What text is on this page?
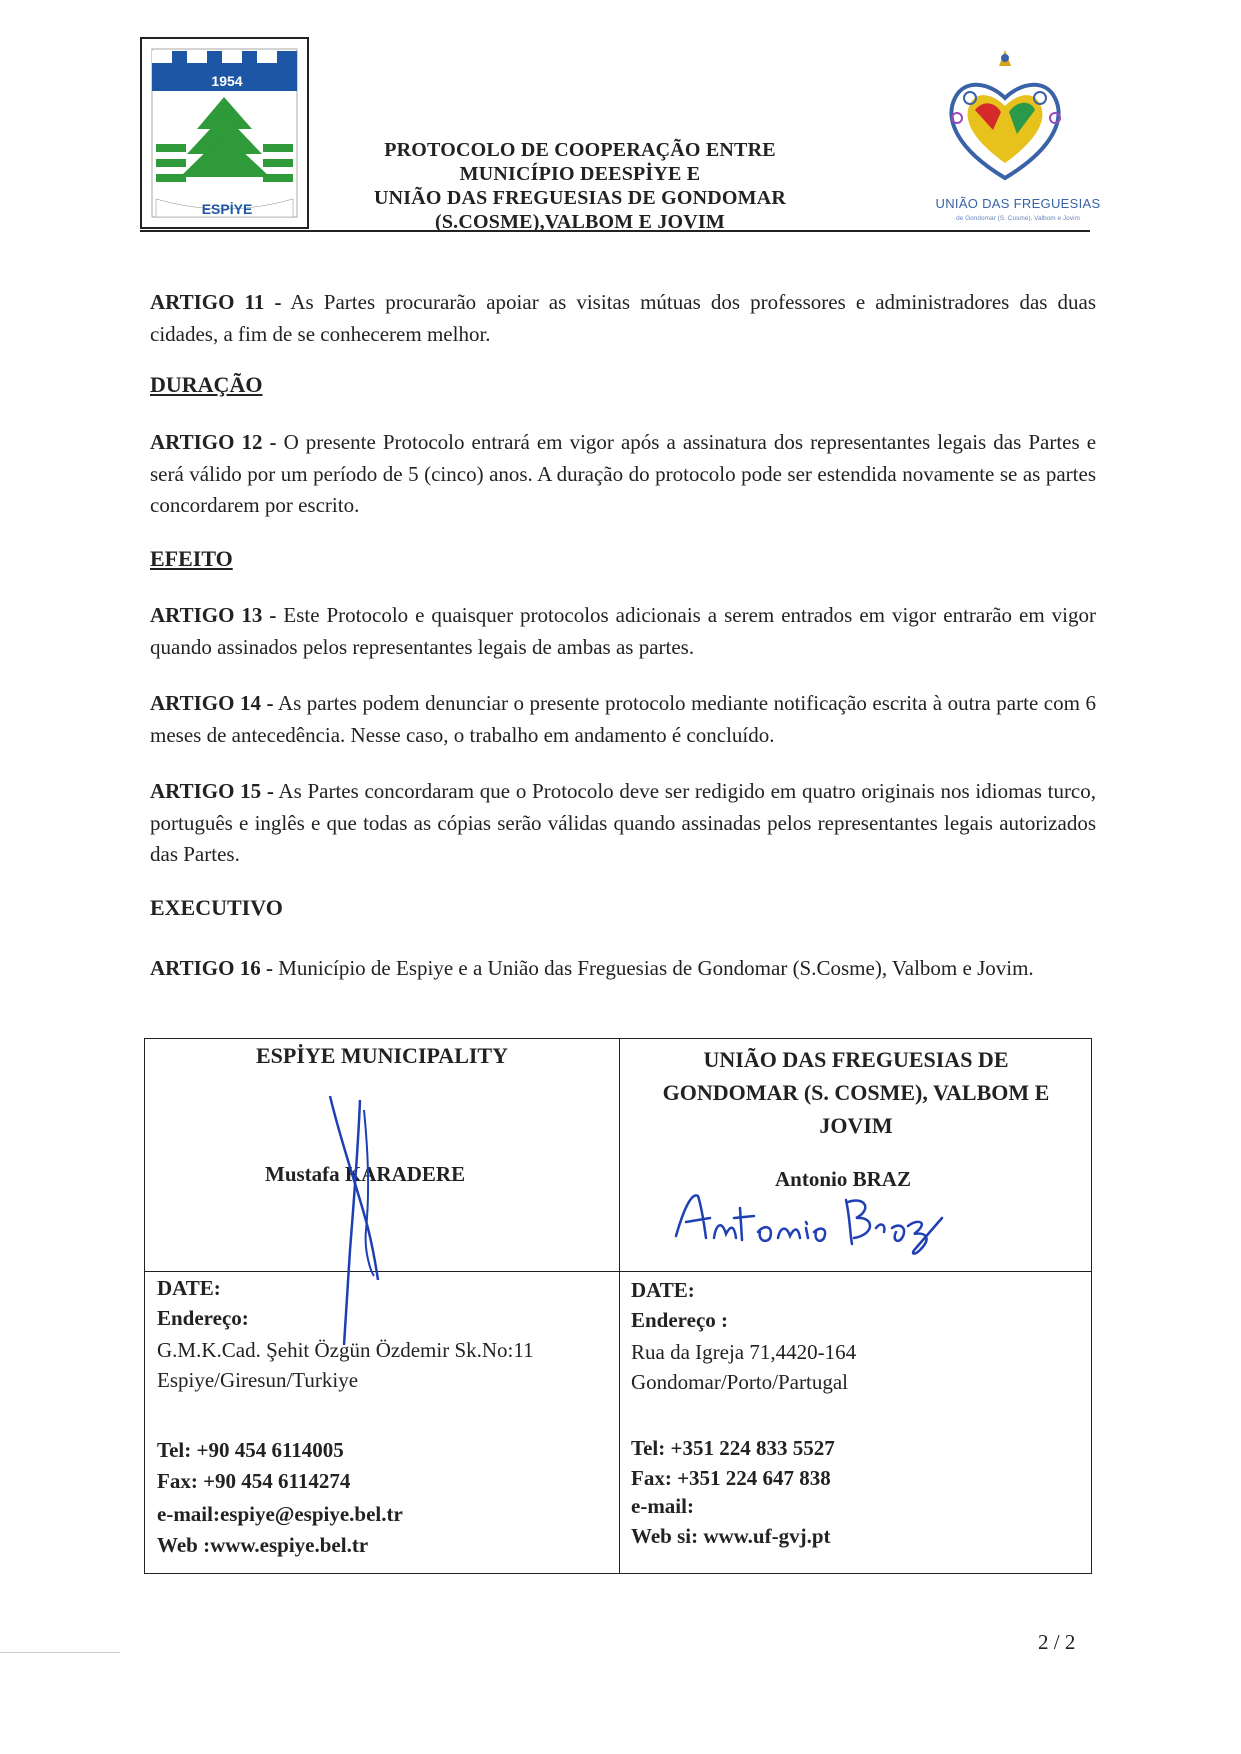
1954
ESPİYE
PROTOCOLO DE COOPERAÇÃO ENTRE
MUNICÍPIO DEESPİYE E
UNIÃO DAS FREGUESIAS DE GONDOMAR
(S.COSME),VALBOM E JOVIM
UNIÃO DAS FREGUESIAS
de Gondomar (S. Cosme), Valbom e Jovim
ARTIGO 11 - As Partes procurarão apoiar as visitas mútuas dos professores e administradores das duas cidades, a fim de se conhecerem melhor.
DURAÇÃO
ARTIGO 12 - O presente Protocolo entrará em vigor após a assinatura dos representantes legais das Partes e será válido por um período de 5 (cinco) anos. A duração do protocolo pode ser estendida novamente se as partes concordarem por escrito.
EFEITO
ARTIGO 13 - Este Protocolo e quaisquer protocolos adicionais a serem entrados em vigor entrarão em vigor quando assinados pelos representantes legais de ambas as partes.
ARTIGO 14 - As partes podem denunciar o presente protocolo mediante notificação escrita à outra parte com 6 meses de antecedência. Nesse caso, o trabalho em andamento é concluído.
ARTIGO 15 - As Partes concordaram que o Protocolo deve ser redigido em quatro originais nos idiomas turco, português e inglês e que todas as cópias serão válidas quando assinadas pelos representantes legais autorizados das Partes.
EXECUTIVO
ARTIGO 16 - Município de Espiye e a União das Freguesias de Gondomar (S.Cosme), Valbom e Jovim.
ESPİYE MUNICIPALITY
Mustafa KARADERE
UNIÃO DAS FREGUESIAS DE
GONDOMAR (S. COSME), VALBOM E
JOVIM
Antonio BRAZ
DATE:
Endereço:
G.M.K.Cad. Şehit Özgün Özdemir Sk.No:11
Espiye/Giresun/Turkiye
Tel: +90 454 6114005
Fax: +90 454 6114274
e-mail:espiye@espiye.bel.tr
Web :www.espiye.bel.tr
DATE:
Endereço :
Rua da Igreja 71,4420-164
Gondomar/Porto/Partugal
Tel: +351 224 833 5527
Fax: +351 224 647 838
e-mail:
Web si: www.uf-gvj.pt
2 / 2
